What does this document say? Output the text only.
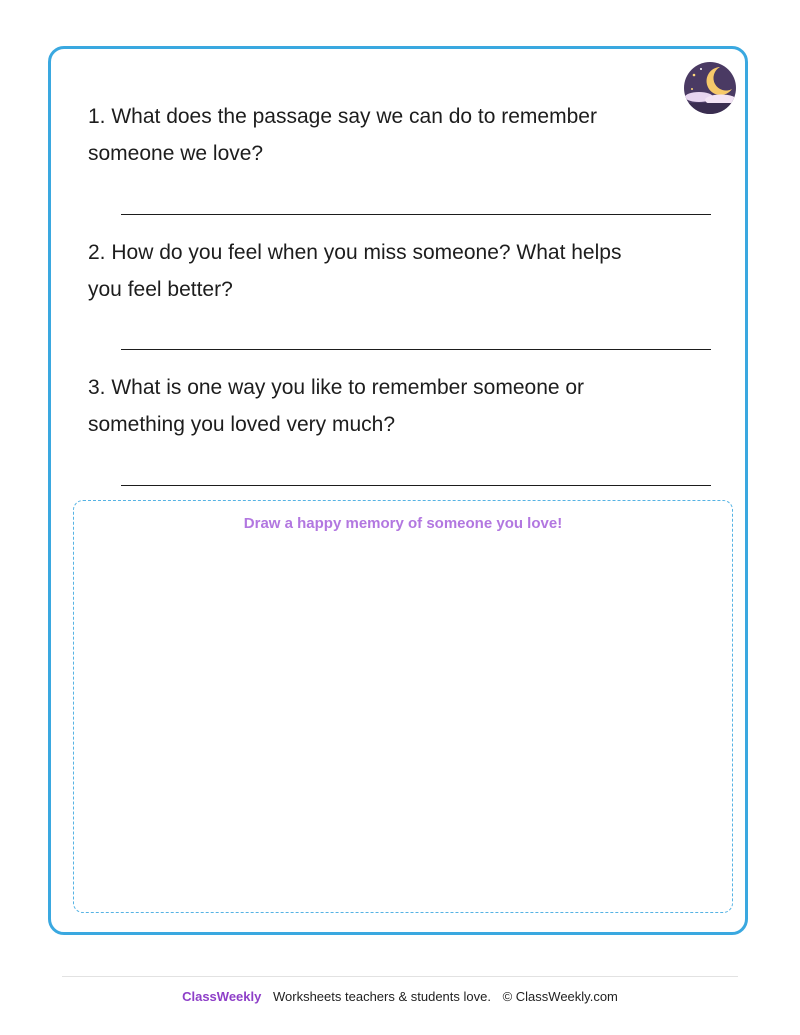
1. What does the passage say we can do to remember someone we love?

2. How do you feel when you miss someone? What helps you feel better?

3. What is one way you like to remember someone or something you loved very much?

Draw a happy memory of someone you love!
ClassWeekly Worksheets teachers & students love. © ClassWeekly.com
